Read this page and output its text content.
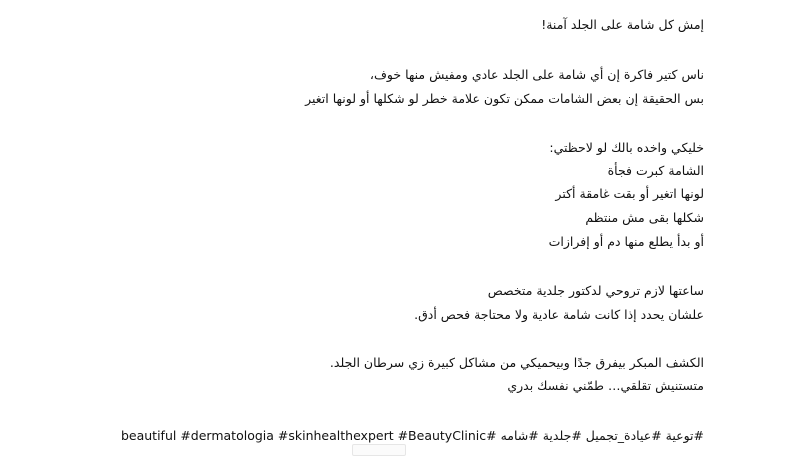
إمش كل شامة على الجلد آمنة!
ناس كتير فاكرة إن أي شامة على الجلد عادي ومفيش منها خوف،
بس الحقيقة إن بعض الشامات ممكن تكون علامة خطر لو شكلها أو لونها اتغير
خليكي واخده بالك لو لاحظتي:
الشامة كبرت فجأة
لونها اتغير أو بقت غامقة أكتر
شكلها بقى مش منتظم
أو بدأ يطلع منها دم أو إفرازات
ساعتها لازم تروحي لدكتور جلدية متخصص
علشان يحدد إذا كانت شامة عادية ولا محتاجة فحص أدق.
الكشف المبكر بيفرق جدًا وبيحميكي من مشاكل كبيرة زي سرطان الجلد.
متستنيش تقلقي… طمّني نفسك بدري
#توعية #عيادة_تجميل #جلدية #شامه #beautiful #dermatologia #skinhealthexpert #BeautyClinic
